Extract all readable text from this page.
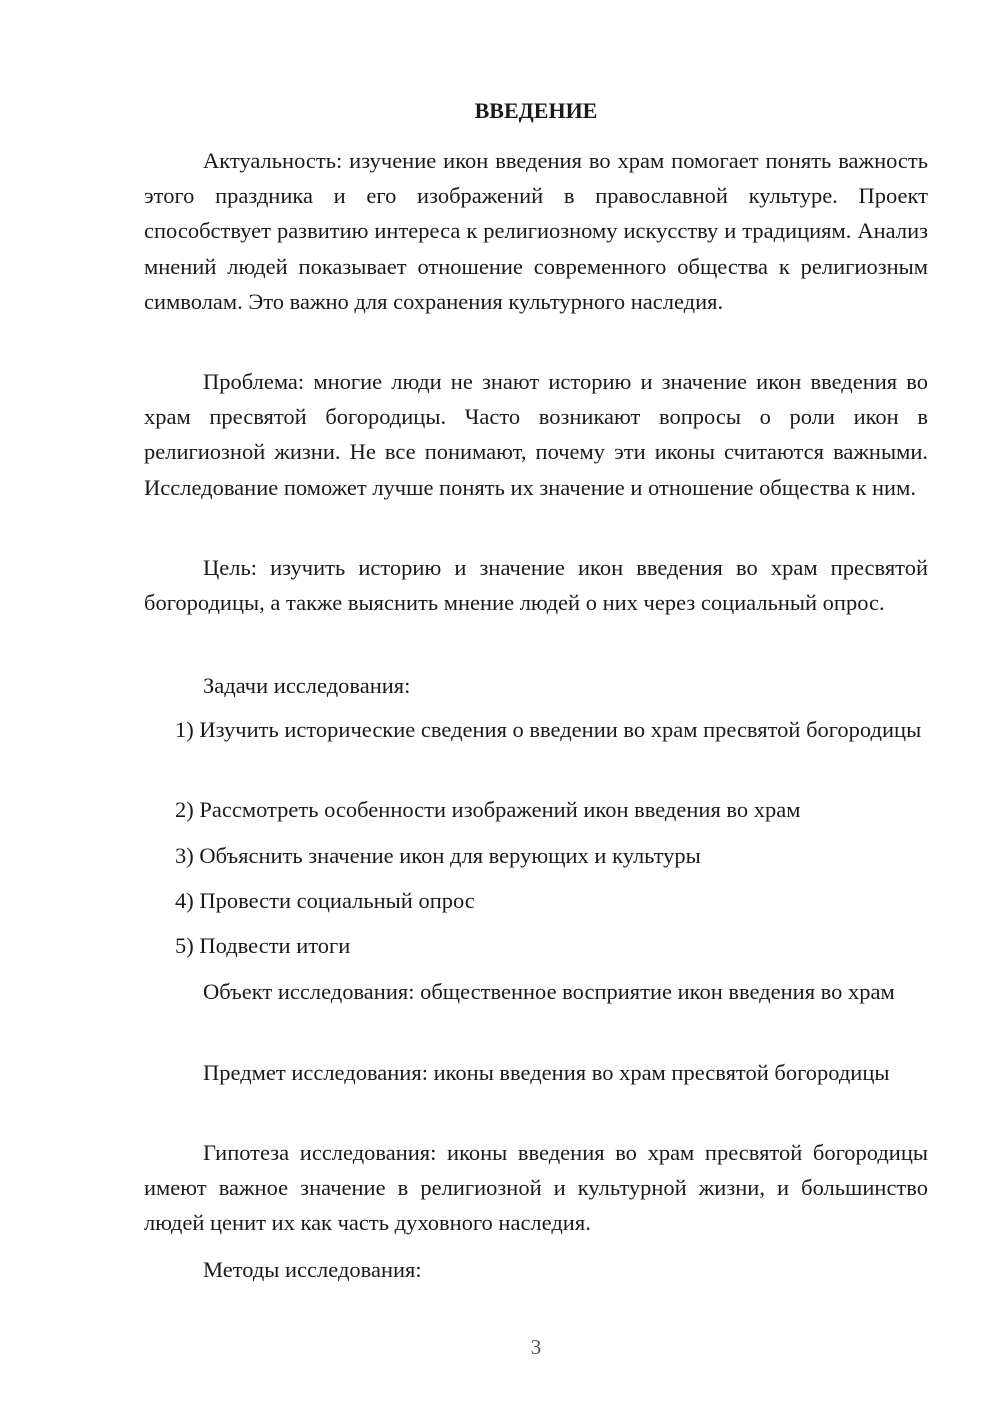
ВВЕДЕНИЕ

Актуальность: изучение икон введения во храм помогает понять важность этого праздника и его изображений в православной культуре. Проект способствует развитию интереса к религиозному искусству и традициям. Анализ мнений людей показывает отношение современного общества к религиозным символам. Это важно для сохранения культурного наследия.

Проблема: многие люди не знают историю и значение икон введения во храм пресвятой богородицы. Часто возникают вопросы о роли икон в религиозной жизни. Не все понимают, почему эти иконы считаются важными. Исследование поможет лучше понять их значение и отношение общества к ним.

Цель: изучить историю и значение икон введения во храм пресвятой богородицы, а также выяснить мнение людей о них через социальный опрос.

Задачи исследования:

1) Изучить исторические сведения о введении во храм пресвятой богородицы

2) Рассмотреть особенности изображений икон введения во храм

3) Объяснить значение икон для верующих и культуры

4) Провести социальный опрос

5) Подвести итоги

Объект исследования: общественное восприятие икон введения во храм

Предмет исследования: иконы введения во храм пресвятой богородицы

Гипотеза исследования: иконы введения во храм пресвятой богородицы имеют важное значение в религиозной и культурной жизни, и большинство людей ценит их как часть духовного наследия.

Методы исследования:

3
